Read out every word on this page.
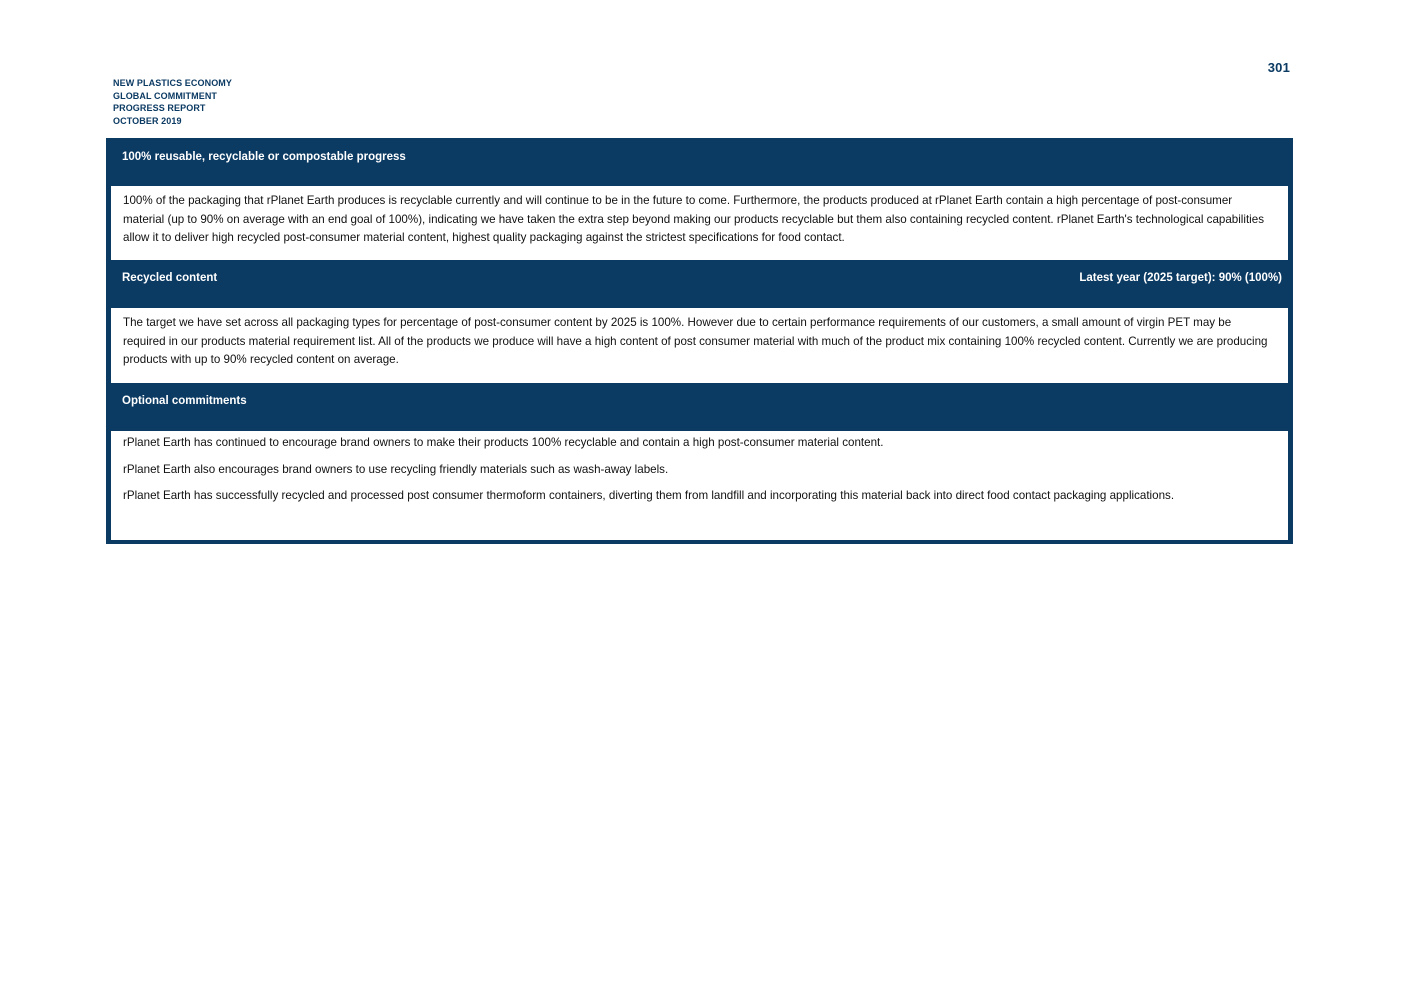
301
NEW PLASTICS ECONOMY
GLOBAL COMMITMENT
PROGRESS REPORT
OCTOBER 2019
100% reusable, recyclable or compostable progress

100% of the packaging that rPlanet Earth produces is recyclable currently and will continue to be in the future to come. Furthermore, the products produced at rPlanet Earth contain a high percentage of post-consumer material (up to 90% on average with an end goal of 100%), indicating we have taken the extra step beyond making our products recyclable but them also containing recycled content. rPlanet Earth's technological capabilities allow it to deliver high recycled post-consumer material content, highest quality packaging against the strictest specifications for food contact.

Recycled content	Latest year (2025 target): 90% (100%)

The target we have set across all packaging types for percentage of post-consumer content by 2025 is 100%. However due to certain performance requirements of our customers, a small amount of virgin PET may be required in our products material requirement list. All of the products we produce will have a high content of post consumer material with much of the product mix containing 100% recycled content. Currently we are producing products with up to 90% recycled content on average.

Optional commitments

rPlanet Earth has continued to encourage brand owners to make their products 100% recyclable and contain a high post-consumer material content.

rPlanet Earth also encourages brand owners to use recycling friendly materials such as wash-away labels.

rPlanet Earth has successfully recycled and processed post consumer thermoform containers, diverting them from landfill and incorporating this material back into direct food contact packaging applications.
